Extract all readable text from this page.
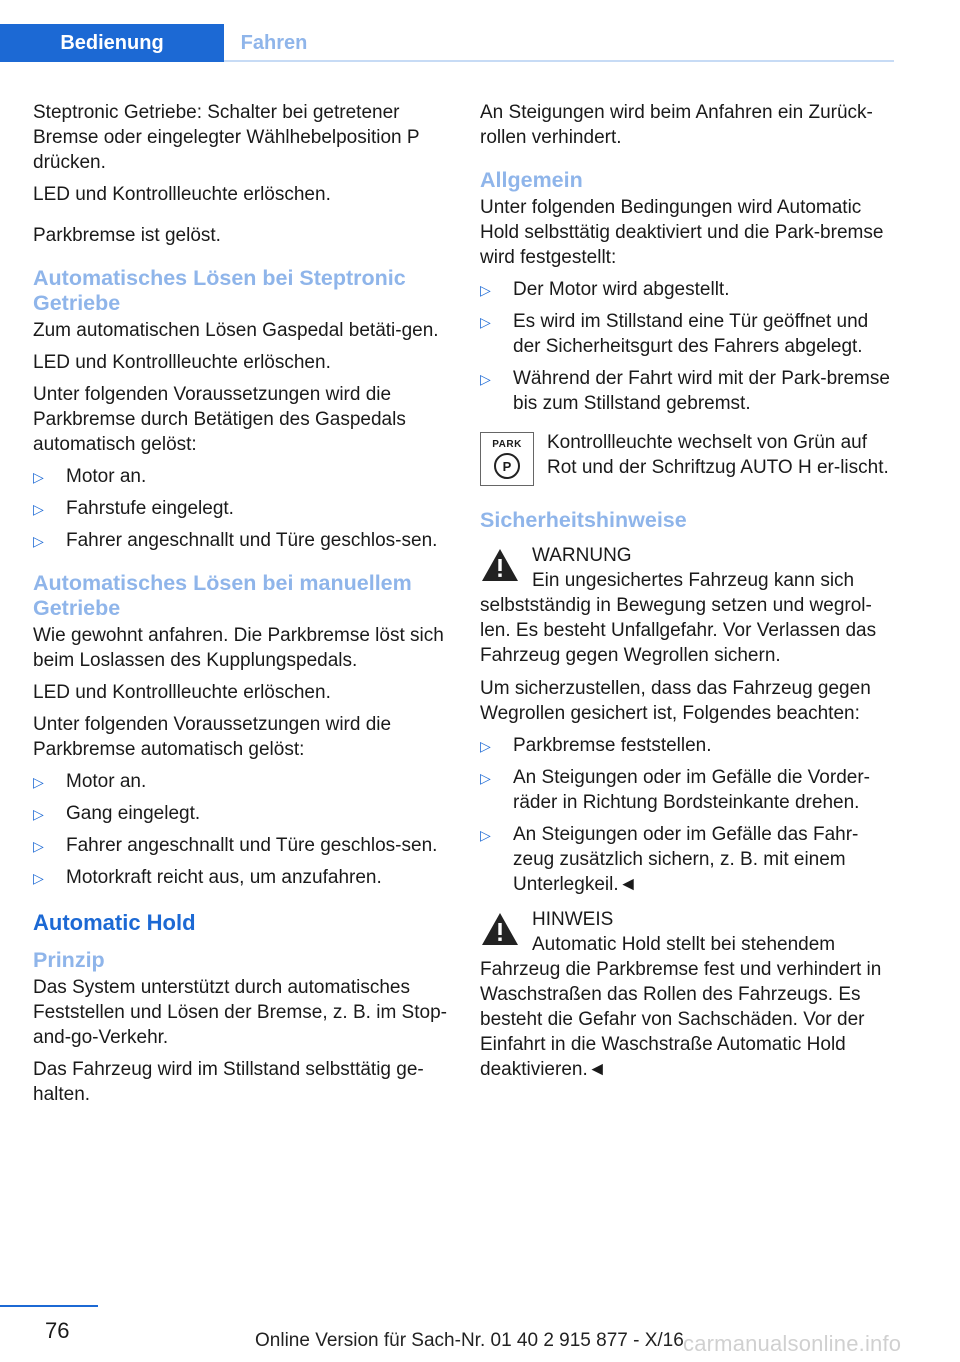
Bedienung	Fahren

Steptronic Getriebe: Schalter bei getretener Bremse oder eingelegter Wählhebelposition P drücken.

LED und Kontrollleuchte erlöschen.

Parkbremse ist gelöst.

Automatisches Lösen bei Steptronic Getriebe

Zum automatischen Lösen Gaspedal betäti‐gen.

LED und Kontrollleuchte erlöschen.

Unter folgenden Voraussetzungen wird die Parkbremse durch Betätigen des Gaspedals automatisch gelöst:

▷ Motor an.
▷ Fahrstufe eingelegt.
▷ Fahrer angeschnallt und Türe geschlos‐sen.
Automatisches Lösen bei manuellem Getriebe

Wie gewohnt anfahren. Die Parkbremse löst sich beim Loslassen des Kupplungspedals.

LED und Kontrollleuchte erlöschen.

Unter folgenden Voraussetzungen wird die Parkbremse automatisch gelöst:

▷ Motor an.
▷ Gang eingelegt.
▷ Fahrer angeschnallt und Türe geschlos‐sen.
▷ Motorkraft reicht aus, um anzufahren.
Automatic Hold
Prinzip

Das System unterstützt durch automatisches Feststellen und Lösen der Bremse, z. B. im Stop-and-go-Verkehr.

Das Fahrzeug wird im Stillstand selbsttätig ge‐halten.

An Steigungen wird beim Anfahren ein Zurück‐rollen verhindert.

Allgemein

Unter folgenden Bedingungen wird Automatic Hold selbsttätig deaktiviert und die Park‐bremse wird festgestellt:

▷ Der Motor wird abgestellt.
▷ Es wird im Stillstand eine Tür geöffnet und der Sicherheitsgurt des Fahrers abgelegt.
▷ Während der Fahrt wird mit der Park‐bremse bis zum Stillstand gebremst.
PARK
P
Kontrollleuchte wechselt von Grün auf Rot und der Schriftzug AUTO H er‐lischt.
Sicherheitshinweise
WARNUNG
Ein ungesichertes Fahrzeug kann sich selbstständig in Bewegung setzen und wegrol‐len. Es besteht Unfallgefahr. Vor Verlassen das Fahrzeug gegen Wegrollen sichern.

Um sicherzustellen, dass das Fahrzeug gegen Wegrollen gesichert ist, Folgendes beachten:

▷ Parkbremse feststellen.
▷ An Steigungen oder im Gefälle die Vorder‐räder in Richtung Bordsteinkante drehen.
▷ An Steigungen oder im Gefälle das Fahr‐zeug zusätzlich sichern, z. B. mit einem Unterlegkeil.◄
HINWEIS
Automatic Hold stellt bei stehendem Fahrzeug die Parkbremse fest und verhindert in Waschstraßen das Rollen des Fahrzeugs. Es besteht die Gefahr von Sachschäden. Vor der Einfahrt in die Waschstraße Automatic Hold deaktivieren.◄
76	Online Version für Sach-Nr. 01 40 2 915 877 - X/16 carmanualsonline.info
